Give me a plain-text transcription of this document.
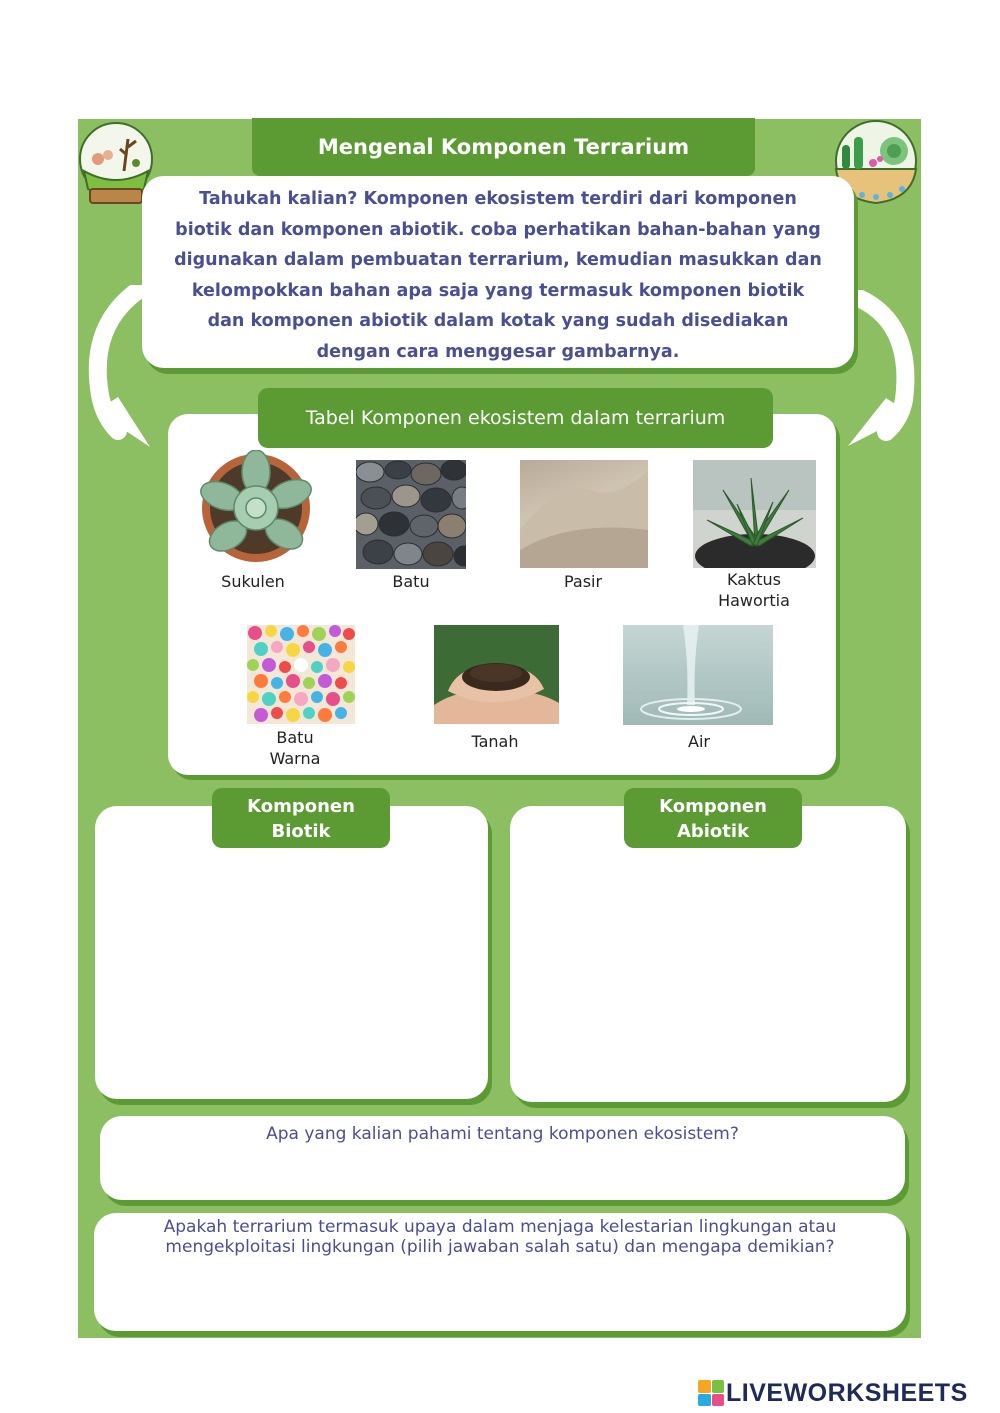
Tahukah kalian? Komponen ekosistem terdiri dari komponen
biotik dan komponen abiotik. coba perhatikan bahan-bahan yang
digunakan dalam pembuatan terrarium, kemudian masukkan dan
kelompokkan bahan apa saja yang termasuk komponen biotik
dan komponen abiotik dalam kotak yang sudah disediakan
dengan cara menggesar gambarnya.
Mengenal Komponen Terrarium
Tabel Komponen ekosistem dalam terrarium
Sukulen	Batu	Pasir	Kaktus
Hawortia
Batu
Warna
Tanah	Air
Komponen
Biotik
Komponen
Abiotik
Apa yang kalian pahami tentang komponen ekosistem?
Apakah terrarium termasuk upaya dalam menjaga kelestarian lingkungan atau
mengekploitasi lingkungan (pilih jawaban salah satu) dan mengapa demikian?
LIVEWORKSHEETS
